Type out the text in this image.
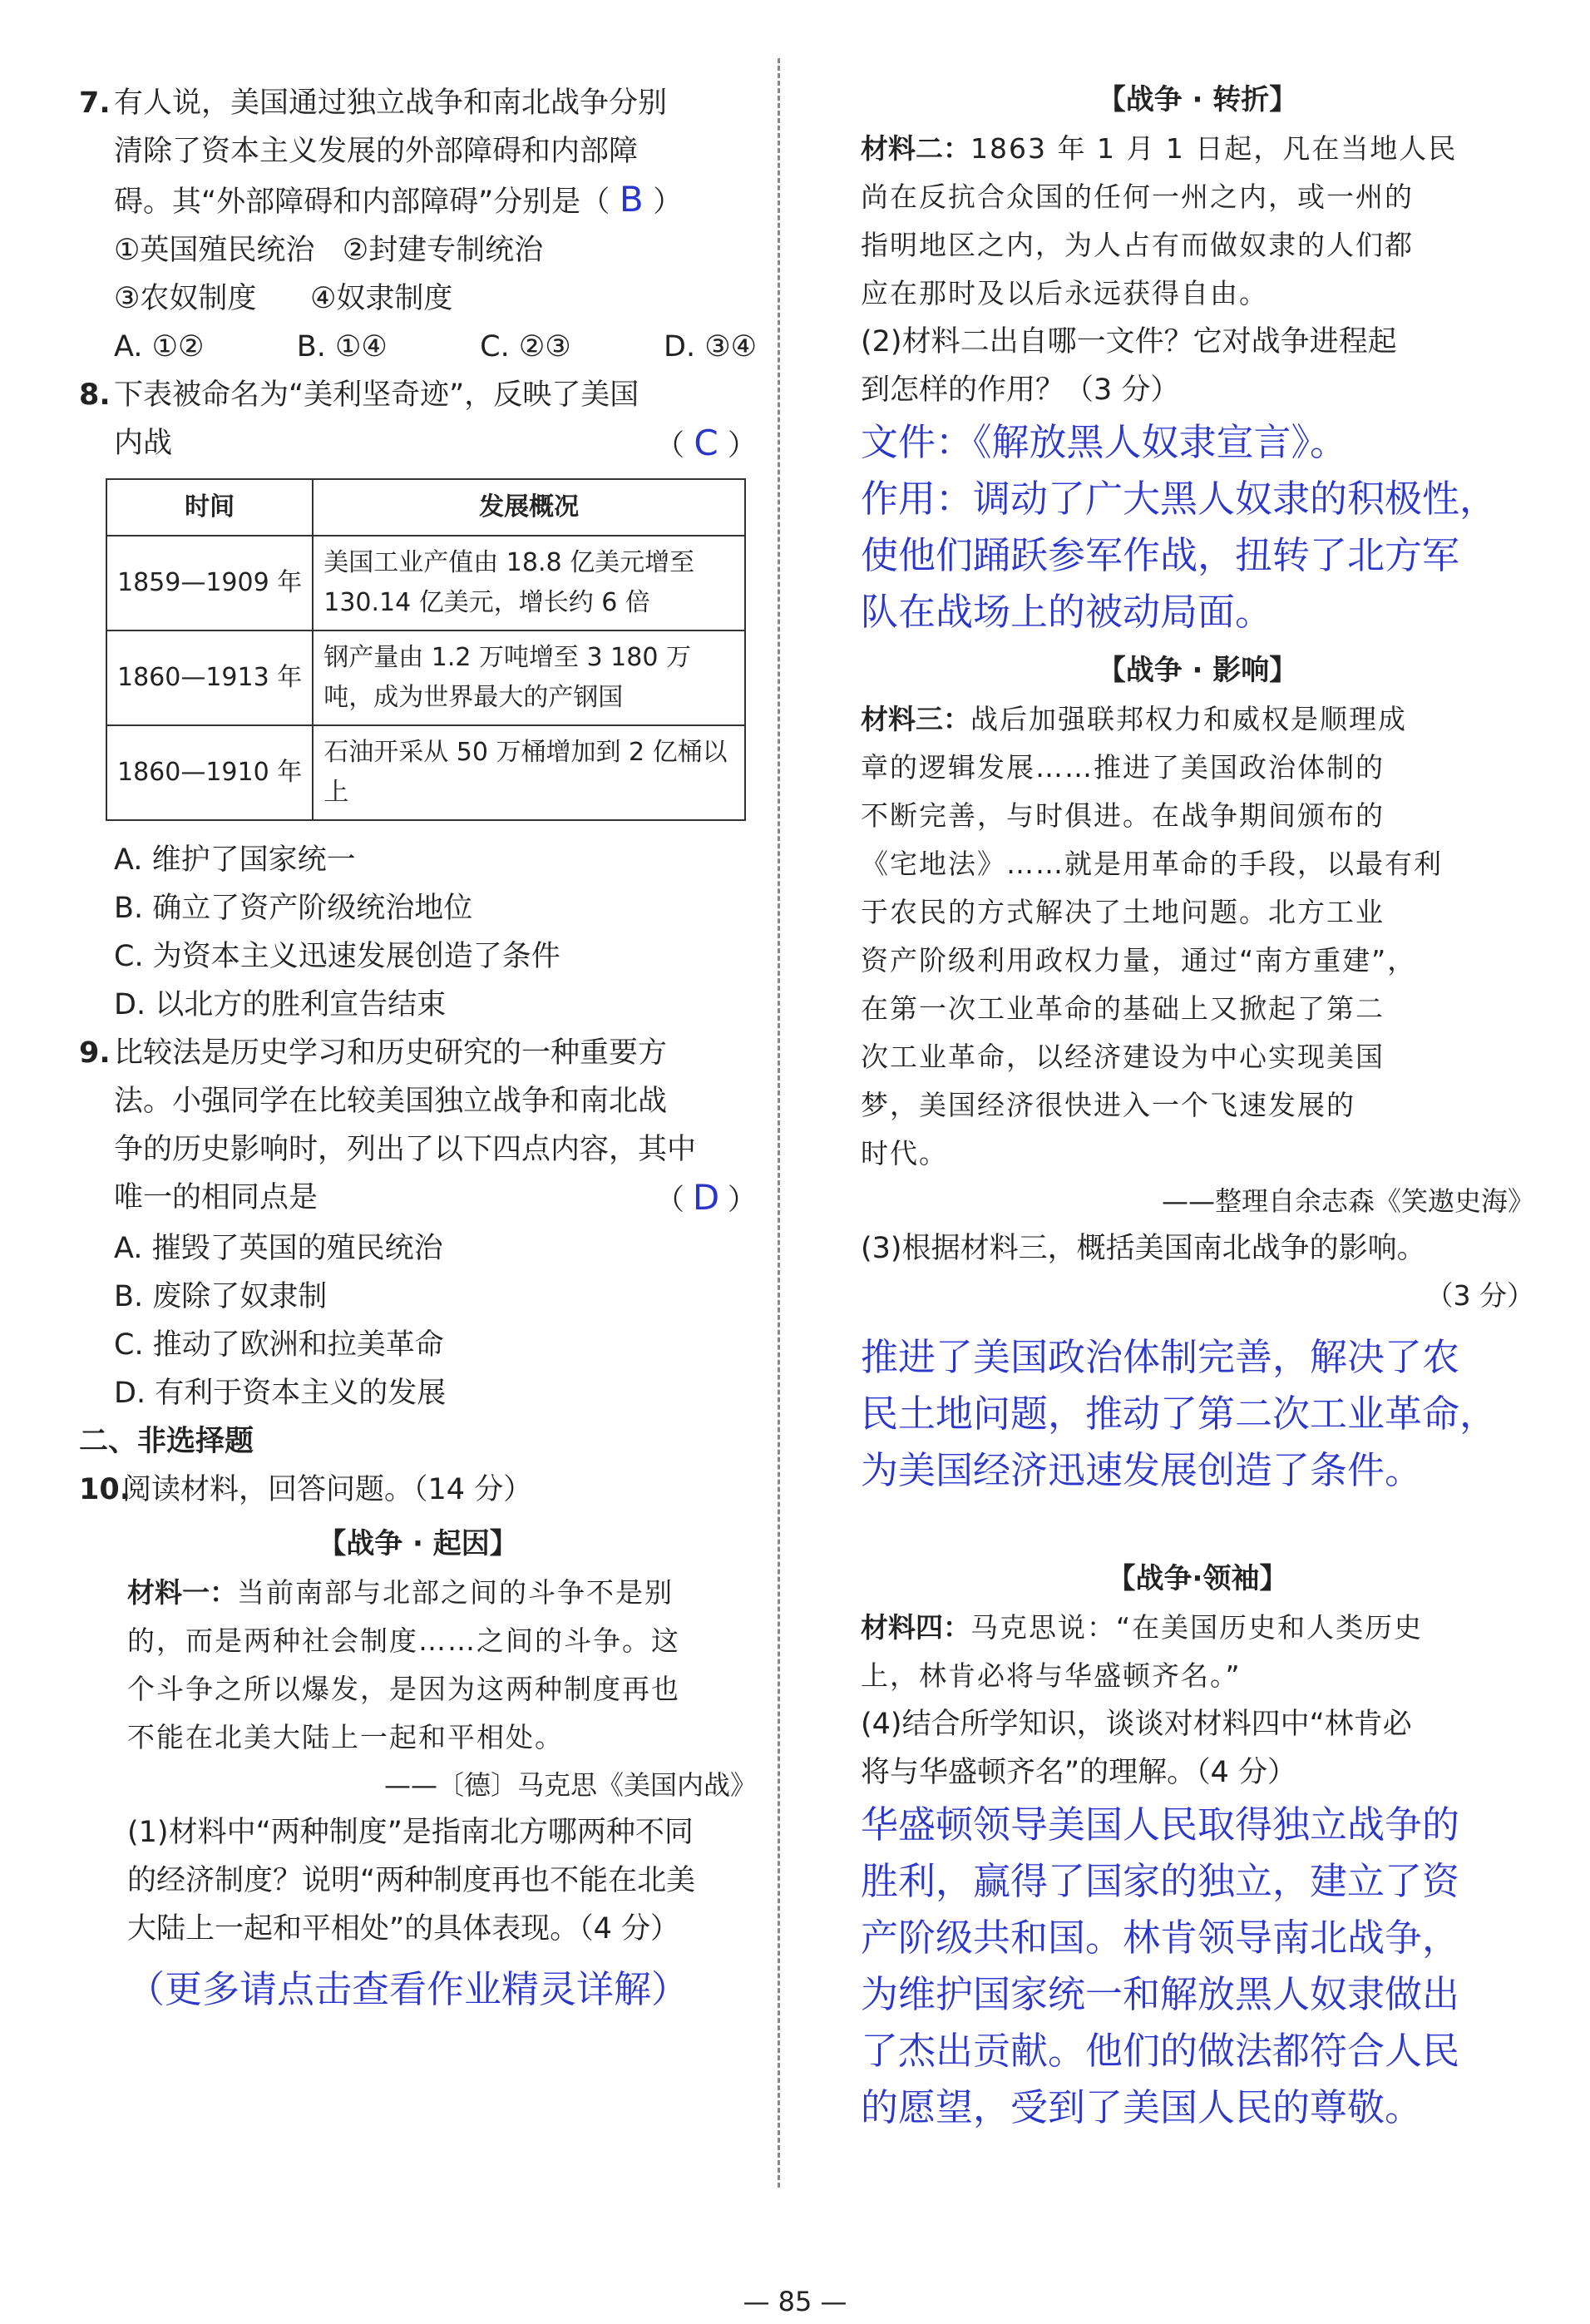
7. 有人说，美国通过独立战争和南北战争分别

清除了资本主义发展的外部障碍和内部障

碍。其“外部障碍和内部障碍”分别是（ B ）

①英国殖民统治 ②封建专制统治

③农奴制度 ④奴隶制度

A. ①②	B. ①④	C. ②③	D. ③④
8. 下表被命名为“美利坚奇迹”，反映了美国
内战	（ C ）
时间	发展概况
1859—1909 年	美国工业产值由 18.8 亿美元增至 130.14 亿美元，增长约 6 倍
1860—1913 年	钢产量由 1.2 万吨增至 3 180 万吨，成为世界最大的产钢国
1860—1910 年	石油开采从 50 万桶增加到 2 亿桶以上

A. 维护了国家统一

B. 确立了资产阶级统治地位

C. 为资本主义迅速发展创造了条件

D. 以北方的胜利宣告结束

9. 比较法是历史学习和历史研究的一种重要方

法。小强同学在比较美国独立战争和南北战

争的历史影响时，列出了以下四点内容，其中

唯一的相同点是	（ D ）

A. 摧毁了英国的殖民统治

B. 废除了奴隶制

C. 推动了欧洲和拉美革命

D. 有利于资本主义的发展

二、非选择题

10.
阅读材料，回答问题。（14 分）

【战争 · 起因】

材料一：当前南部与北部之间的斗争不是别

的，而是两种社会制度……之间的斗争。这

个斗争之所以爆发，是因为这两种制度再也

不能在北美大陆上一起和平相处。

——〔德〕马克思《美国内战》

(1)材料中“两种制度”是指南北方哪两种不同

的经济制度？说明“两种制度再也不能在北美

大陆上一起和平相处”的具体表现。（4 分）

（更多请点击查看作业精灵详解）

【战争 · 转折】

材料二：1863 年 1 月 1 日起，凡在当地人民

尚在反抗合众国的任何一州之内，或一州的

指明地区之内，为人占有而做奴隶的人们都

应在那时及以后永远获得自由。

(2)材料二出自哪一文件？它对战争进程起

到怎样的作用？（3 分）

文件：《解放黑人奴隶宣言》。

作用：调动了广大黑人奴隶的积极性，

使他们踊跃参军作战，扭转了北方军

队在战场上的被动局面。

【战争 · 影响】

材料三：战后加强联邦权力和威权是顺理成

章的逻辑发展……推进了美国政治体制的

不断完善，与时俱进。在战争期间颁布的

《宅地法》……就是用革命的手段，以最有利

于农民的方式解决了土地问题。北方工业

资产阶级利用政权力量，通过“南方重建”，

在第一次工业革命的基础上又掀起了第二

次工业革命，以经济建设为中心实现美国

梦，美国经济很快进入一个飞速发展的

时代。

——整理自余志森《笑遨史海》

(3)根据材料三，概括美国南北战争的影响。

（3 分）

推进了美国政治体制完善，解决了农

民土地问题，推动了第二次工业革命，

为美国经济迅速发展创造了条件。

【战争·领袖】

材料四：马克思说：“在美国历史和人类历史

上，林肯必将与华盛顿齐名。”

(4)结合所学知识，谈谈对材料四中“林肯必

将与华盛顿齐名”的理解。（4 分）

华盛顿领导美国人民取得独立战争的

胜利，赢得了国家的独立，建立了资

产阶级共和国。林肯领导南北战争，

为维护国家统一和解放黑人奴隶做出

了杰出贡献。他们的做法都符合人民

的愿望，受到了美国人民的尊敬。

— 85 —
